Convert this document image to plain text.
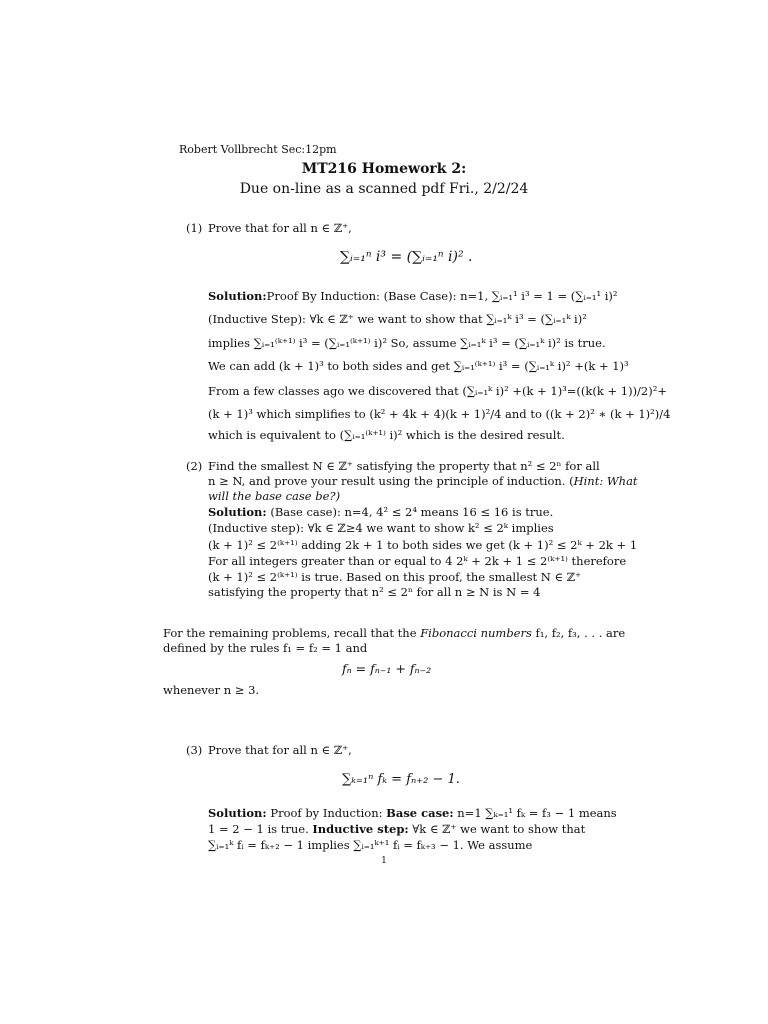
Robert Vollbrecht Sec:12pm
MT216 Homework 2:
Due on-line as a scanned pdf Fri., 2/2/24
(1) Prove that for all n ∈ ℤ⁺,
∑ᵢ₌₁ⁿ i³ = (∑ᵢ₌₁ⁿ i)² .
Solution:Proof By Induction: (Base Case): n=1, ∑ᵢ₌₁¹ i³ = 1 = (∑ᵢ₌₁¹ i)²
(Inductive Step): ∀k ∈ ℤ⁺ we want to show that ∑ᵢ₌₁ᵏ i³ = (∑ᵢ₌₁ᵏ i)²
implies ∑ᵢ₌₁⁽ᵏ⁺¹⁾ i³ = (∑ᵢ₌₁⁽ᵏ⁺¹⁾ i)² So, assume ∑ᵢ₌₁ᵏ i³ = (∑ᵢ₌₁ᵏ i)² is true.
We can add (k + 1)³ to both sides and get ∑ᵢ₌₁⁽ᵏ⁺¹⁾ i³ = (∑ᵢ₌₁ᵏ i)² +(k + 1)³
From a few classes ago we discovered that (∑ᵢ₌₁ᵏ i)² +(k + 1)³=((k(k + 1))/2)²+
(k + 1)³ which simplifies to (k² + 4k + 4)(k + 1)²/4 and to ((k + 2)² ∗ (k + 1)²)/4
which is equivalent to (∑ᵢ₌₁⁽ᵏ⁺¹⁾ i)² which is the desired result.
(2) Find the smallest N ∈ ℤ⁺ satisfying the property that n² ≤ 2ⁿ for all
n ≥ N, and prove your result using the principle of induction. (Hint: What
will the base case be?)
Solution: (Base case): n=4, 4² ≤ 2⁴ means 16 ≤ 16 is true.
(Inductive step): ∀k ∈ ℤ≥4 we want to show k² ≤ 2ᵏ implies
(k + 1)² ≤ 2⁽ᵏ⁺¹⁾ adding 2k + 1 to both sides we get (k + 1)² ≤ 2ᵏ + 2k + 1
For all integers greater than or equal to 4 2ᵏ + 2k + 1 ≤ 2⁽ᵏ⁺¹⁾ therefore
(k + 1)² ≤ 2⁽ᵏ⁺¹⁾ is true. Based on this proof, the smallest N ∈ ℤ⁺
satisfying the property that n² ≤ 2ⁿ for all n ≥ N is N = 4
For the remaining problems, recall that the Fibonacci numbers f₁, f₂, f₃, . . . are
defined by the rules f₁ = f₂ = 1 and
fₙ = fₙ₋₁ + fₙ₋₂
whenever n ≥ 3.
(3) Prove that for all n ∈ ℤ⁺,
∑ₖ₌₁ⁿ fₖ = fₙ₊₂ − 1.
Solution: Proof by Induction: Base case: n=1 ∑ₖ₌₁¹ fₖ = f₃ − 1 means
1 = 2 − 1 is true. Inductive step: ∀k ∈ ℤ⁺ we want to show that
∑ᵢ₌₁ᵏ fᵢ = fₖ₊₂ − 1 implies ∑ᵢ₌₁ᵏ⁺¹ fᵢ = fₖ₊₃ − 1. We assume
1
